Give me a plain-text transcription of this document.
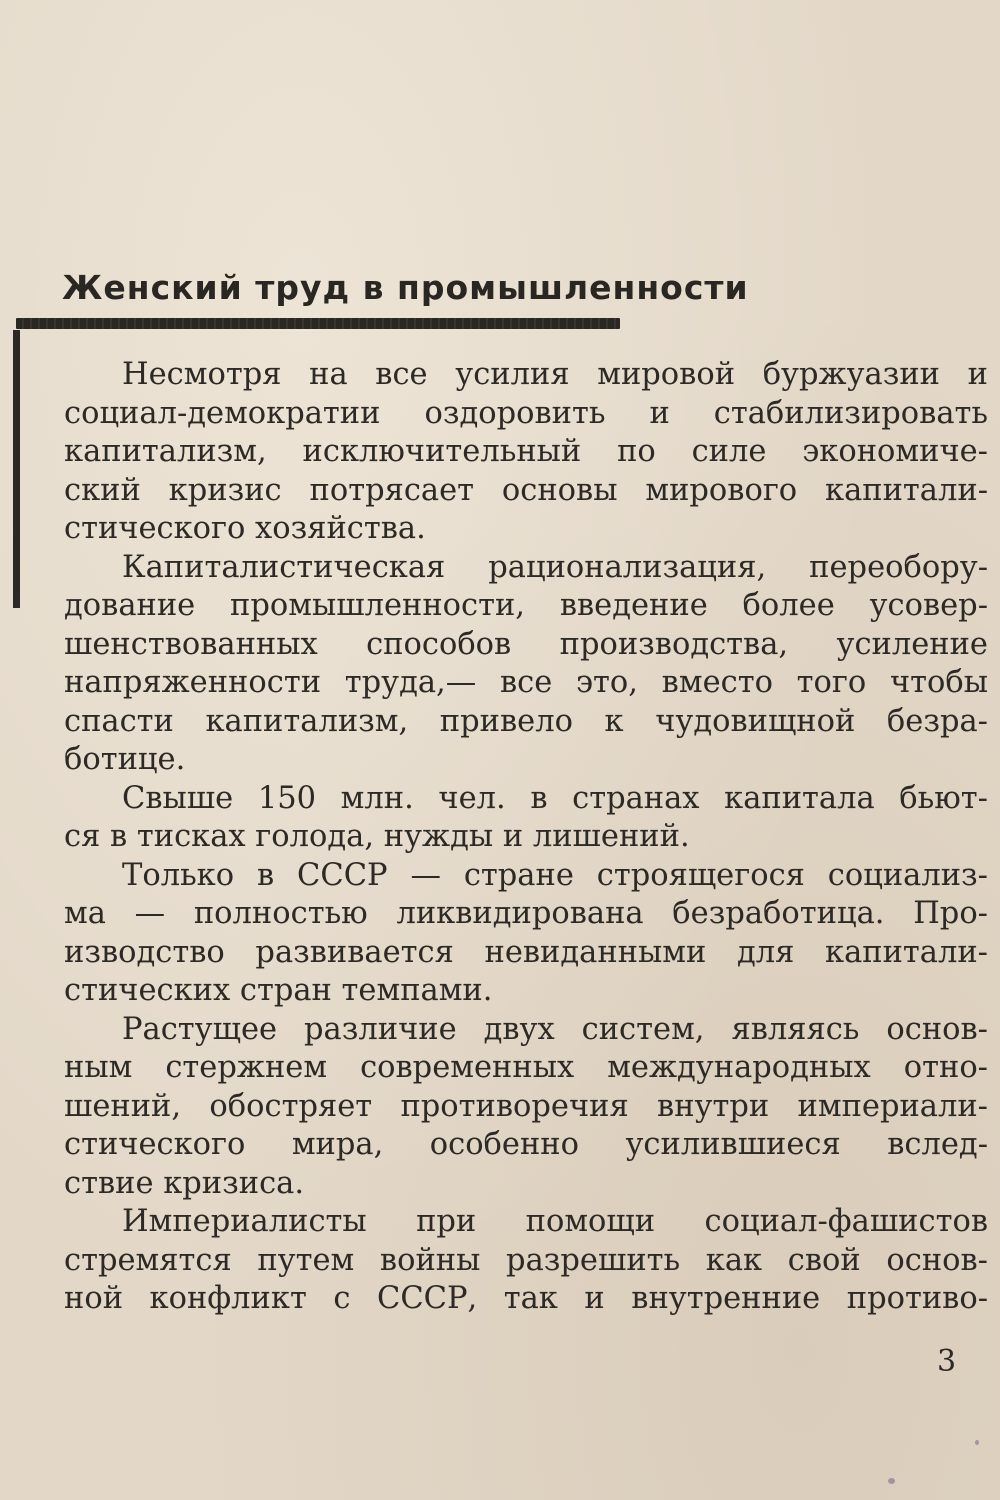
Женский труд в промышленности
Несмотря на все усилия мировой буржуазии и
социал-демократии оздоровить и стабилизировать
капитализм, исключительный по силе экономиче-
ский кризис потрясает основы мирового капитали-
стического хозяйства.
Капиталистическая рационализация, переобору-
дование промышленности, введение более усовер-
шенствованных способов производства, усиление
напряженности труда,— все это, вместо того чтобы
спасти капитализм, привело к чудовищной безра-
ботице.
Свыше 150 млн. чел. в странах капитала бьют-
ся в тисках голода, нужды и лишений.
Только в СССР — стране строящегося социализ-
ма — полностью ликвидирована безработица. Про-
изводство развивается невиданными для капитали-
стических стран темпами.
Растущее различие двух систем, являясь основ-
ным стержнем современных международных отно-
шений, обостряет противоречия внутри империали-
стического мира, особенно усилившиеся вслед-
ствие кризиса.
Империалисты при помощи социал-фашистов
стремятся путем войны разрешить как свой основ-
ной конфликт с СССР, так и внутренние противо-
3
